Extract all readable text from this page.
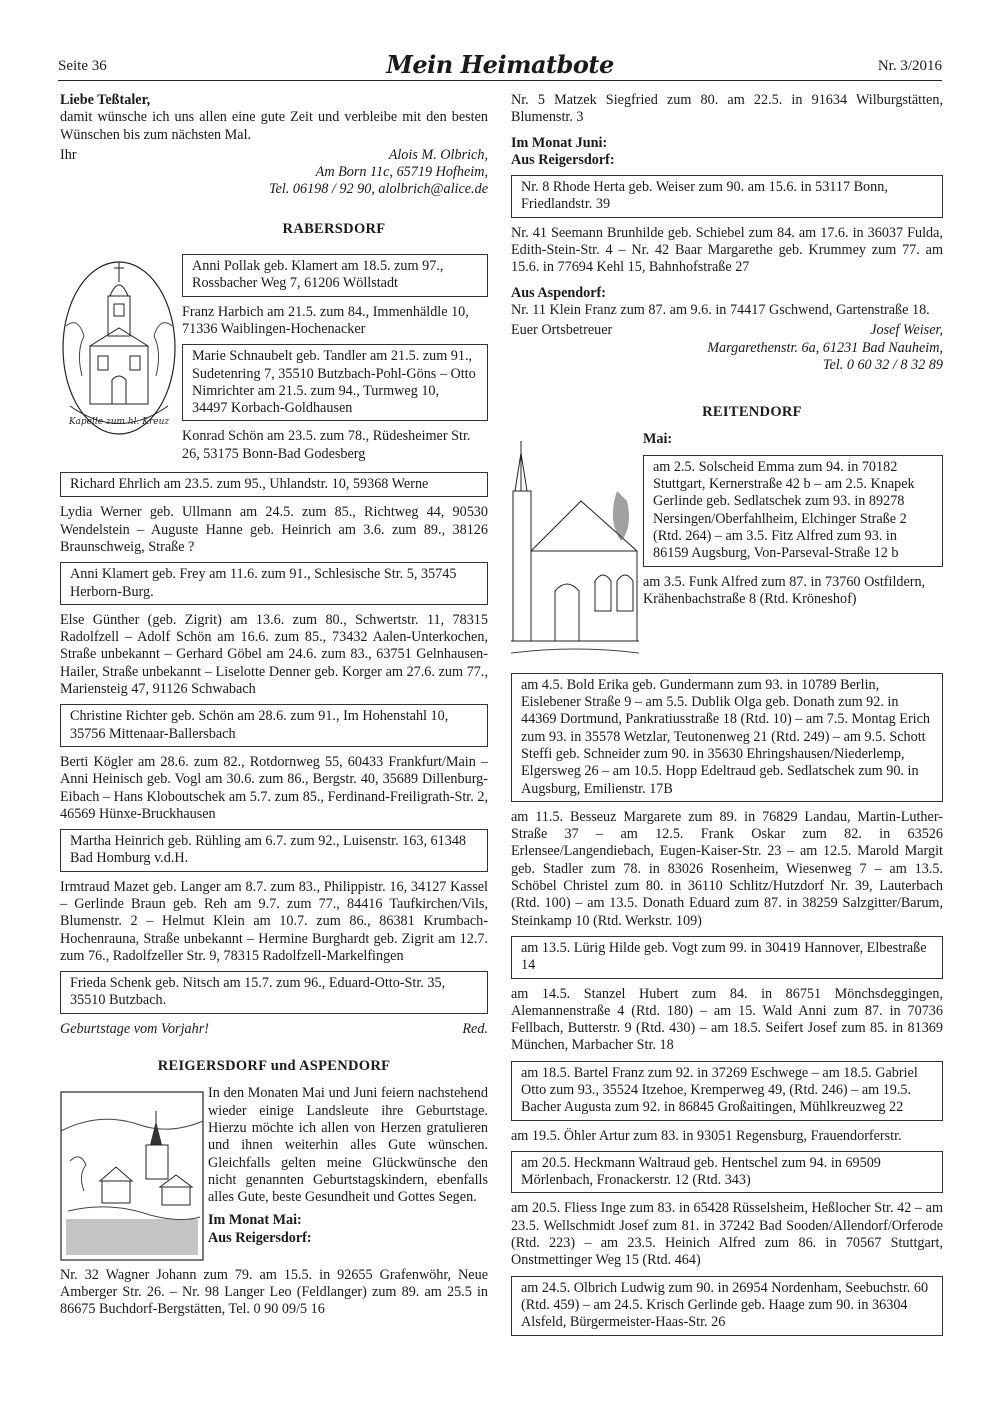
Seite 36	Mein Heimatbote	Nr. 3/2016
Liebe Teßtaler,

damit wünsche ich uns allen eine gute Zeit und verbleibe mit den besten Wünschen bis zum nächsten Mal.

Ihr	Alois M. Olbrich,
Am Born 11c, 65719 Hofheim,
Tel. 06198 / 92 90, alolbrich@alice.de
RABERSDORF
Kapelle zum hl. Kreuz
Anni Pollak geb. Klamert am 18.5. zum 97., Rossbacher Weg 7, 61206 Wöllstadt

Franz Harbich am 21.5. zum 84., Immenhäldle 10, 71336 Waiblingen-Hochenacker

Marie Schnaubelt geb. Tandler am 21.5. zum 91., Sudetenring 7, 35510 Butzbach-Pohl-Göns – Otto Nimrichter am 21.5. zum 94., Turmweg 10, 34497 Korbach-Goldhausen

Konrad Schön am 23.5. zum 78., Rüdesheimer Str. 26, 53175 Bonn-Bad Godesberg

Richard Ehrlich am 23.5. zum 95., Uhlandstr. 10, 59368 Werne

Lydia Werner geb. Ullmann am 24.5. zum 85., Richtweg 44, 90530 Wendelstein – Auguste Hanne geb. Heinrich am 3.6. zum 89., 38126 Braunschweig, Straße ?

Anni Klamert geb. Frey am 11.6. zum 91., Schlesische Str. 5, 35745 Herborn-Burg.

Else Günther (geb. Zigrit) am 13.6. zum 80., Schwertstr. 11, 78315 Radolfzell – Adolf Schön am 16.6. zum 85., 73432 Aalen-Unterkochen, Straße unbekannt – Gerhard Göbel am 24.6. zum 83., 63751 Gelnhausen-Hailer, Straße unbekannt – Liselotte Denner geb. Korger am 27.6. zum 77., Mariensteig 47, 91126 Schwabach

Christine Richter geb. Schön am 28.6. zum 91., Im Hohenstahl 10, 35756 Mittenaar-Ballersbach

Berti Kögler am 28.6. zum 82., Rotdornweg 55, 60433 Frankfurt/Main – Anni Heinisch geb. Vogl am 30.6. zum 86., Bergstr. 40, 35689 Dillenburg-Eibach – Hans Kloboutschek am 5.7. zum 85., Ferdinand-Freiligrath-Str. 2, 46569 Hünxe-Bruckhausen

Martha Heinrich geb. Rühling am 6.7. zum 92., Luisenstr. 163, 61348 Bad Homburg v.d.H.

Irmtraud Mazet geb. Langer am 8.7. zum 83., Philippistr. 16, 34127 Kassel – Gerlinde Braun geb. Reh am 9.7. zum 77., 84416 Taufkirchen/Vils, Blumenstr. 2 – Helmut Klein am 10.7. zum 86., 86381 Krumbach-Hochenrauna, Straße unbekannt – Hermine Burghardt geb. Zigrit am 12.7. zum 76., Radolfzeller Str. 9, 78315 Radolfzell-Markelfingen

Frieda Schenk geb. Nitsch am 15.7. zum 96., Eduard-Otto-Str. 35, 35510 Butzbach.
Geburtstage vom Vorjahr!	Red.
REIGERSDORF und ASPENDORF

In den Monaten Mai und Juni feiern nachstehend wieder einige Landsleute ihre Geburtstage. Hierzu möchte ich allen von Herzen gratulieren und ihnen weiterhin alles Gute wünschen. Gleichfalls gelten meine Glückwünsche den nicht genannten Geburtstagskindern, ebenfalls alles Gute, beste Gesundheit und Gottes Segen.

Im Monat Mai:
Aus Reigersdorf:

Nr. 32 Wagner Johann zum 79. am 15.5. in 92655 Grafenwöhr, Neue Amberger Str. 26. – Nr. 98 Langer Leo (Feldlanger) zum 89. am 25.5 in 86675 Buchdorf-Bergstätten, Tel. 0 90 09/5 16

Nr. 5 Matzek Siegfried zum 80. am 22.5. in 91634 Wilburgstätten, Blumenstr. 3

Im Monat Juni:
Aus Reigersdorf:
Nr. 8 Rhode Herta geb. Weiser zum 90. am 15.6. in 53117 Bonn, Friedlandstr. 39

Nr. 41 Seemann Brunhilde geb. Schiebel zum 84. am 17.6. in 36037 Fulda, Edith-Stein-Str. 4 – Nr. 42 Baar Margarethe geb. Krummey zum 77. am 15.6. in 77694 Kehl 15, Bahnhofstraße 27

Aus Aspendorf:

Nr. 11 Klein Franz zum 87. am 9.6. in 74417 Gschwend, Gartenstraße 18.

Euer Ortsbetreuer	Josef Weiser,
Margarethenstr. 6a, 61231 Bad Nauheim,
Tel. 0 60 32 / 8 32 89
REITENDORF
Mai:
am 2.5. Solscheid Emma zum 94. in 70182 Stuttgart, Kernerstraße 42 b – am 2.5. Knapek Gerlinde geb. Sedlatschek zum 93. in 89278 Nersingen/Oberfahlheim, Elchinger Straße 2 (Rtd. 264) – am 3.5. Fitz Alfred zum 93. in 86159 Augsburg, Von-Parseval-Straße 12 b

am 3.5. Funk Alfred zum 87. in 73760 Ostfildern, Krähenbachstraße 8 (Rtd. Kröneshof)

am 4.5. Bold Erika geb. Gundermann zum 93. in 10789 Berlin, Eislebener Straße 9 – am 5.5. Dublik Olga geb. Donath zum 92. in 44369 Dortmund, Pankratiusstraße 18 (Rtd. 10) – am 7.5. Montag Erich zum 93. in 35578 Wetzlar, Teutonenweg 21 (Rtd. 249) – am 9.5. Schott Steffi geb. Schneider zum 90. in 35630 Ehringshausen/Niederlemp, Elgersweg 26 – am 10.5. Hopp Edeltraud geb. Sedlatschek zum 90. in Augsburg, Emilienstr. 17B

am 11.5. Besseuz Margarete zum 89. in 76829 Landau, Martin-Luther-Straße 37 – am 12.5. Frank Oskar zum 82. in 63526 Erlensee/Langendiebach, Eugen-Kaiser-Str. 23 – am 12.5. Marold Margit geb. Stadler zum 78. in 83026 Rosenheim, Wiesenweg 7 – am 13.5. Schöbel Christel zum 80. in 36110 Schlitz/Hutzdorf Nr. 39, Lauterbach (Rtd. 100) – am 13.5. Donath Eduard zum 87. in 38259 Salzgitter/Barum, Steinkamp 10 (Rtd. Werkstr. 109)

am 13.5. Lürig Hilde geb. Vogt zum 99. in 30419 Hannover, Elbestraße 14

am 14.5. Stanzel Hubert zum 84. in 86751 Mönchsdeggingen, Alemannenstraße 4 (Rtd. 180) – am 15. Wald Anni zum 87. in 70736 Fellbach, Butterstr. 9 (Rtd. 430) – am 18.5. Seifert Josef zum 85. in 81369 München, Marbacher Str. 18

am 18.5. Bartel Franz zum 92. in 37269 Eschwege – am 18.5. Gabriel Otto zum 93., 35524 Itzehoe, Kremperweg 49, (Rtd. 246) – am 19.5. Bacher Augusta zum 92. in 86845 Großaitingen, Mühlkreuzweg 22

am 19.5. Öhler Artur zum 83. in 93051 Regensburg, Frauendorferstr.

am 20.5. Heckmann Waltraud geb. Hentschel zum 94. in 69509 Mörlenbach, Fronackerstr. 12 (Rtd. 343)

am 20.5. Fliess Inge zum 83. in 65428 Rüsselsheim, Heßlocher Str. 42 – am 23.5. Wellschmidt Josef zum 81. in 37242 Bad Sooden/Allendorf/Orferode (Rtd. 223) – am 23.5. Heinich Alfred zum 86. in 70567 Stuttgart, Onstmettinger Weg 15 (Rtd. 464)

am 24.5. Olbrich Ludwig zum 90. in 26954 Nordenham, Seebuchstr. 60 (Rtd. 459) – am 24.5. Krisch Gerlinde geb. Haage zum 90. in 36304 Alsfeld, Bürgermeister-Haas-Str. 26
